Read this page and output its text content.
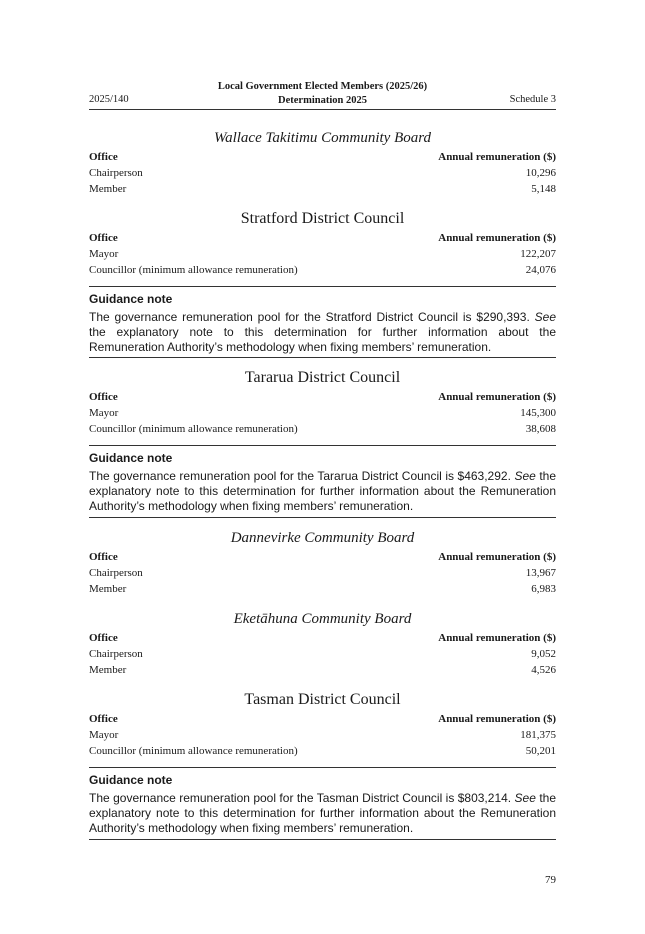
2025/140
Local Government Elected Members (2025/26)
Determination 2025	Schedule 3
Wallace Takitimu Community Board
Office	Annual remuneration ($)
Chairperson	10,296
Member	5,148
Stratford District Council
Office	Annual remuneration ($)
Mayor	122,207
Councillor (minimum allowance remuneration)	24,076
Guidance note
The governance remuneration pool for the Stratford District Council is $290,393. See the explanatory note to this determination for further information about the Remuneration Authority’s methodology when fixing members’ remuneration.
Tararua District Council
Office	Annual remuneration ($)
Mayor	145,300
Councillor (minimum allowance remuneration)	38,608
Guidance note
The governance remuneration pool for the Tararua District Council is $463,292. See the explanatory note to this determination for further information about the Remuneration Authority’s methodology when fixing members’ remuneration.
Dannevirke Community Board
Office	Annual remuneration ($)
Chairperson	13,967
Member	6,983
Eketāhuna Community Board
Office	Annual remuneration ($)
Chairperson	9,052
Member	4,526
Tasman District Council
Office	Annual remuneration ($)
Mayor	181,375
Councillor (minimum allowance remuneration)	50,201
Guidance note
The governance remuneration pool for the Tasman District Council is $803,214. See the explanatory note to this determination for further information about the Remuneration Authority’s methodology when fixing members’ remuneration.
79
